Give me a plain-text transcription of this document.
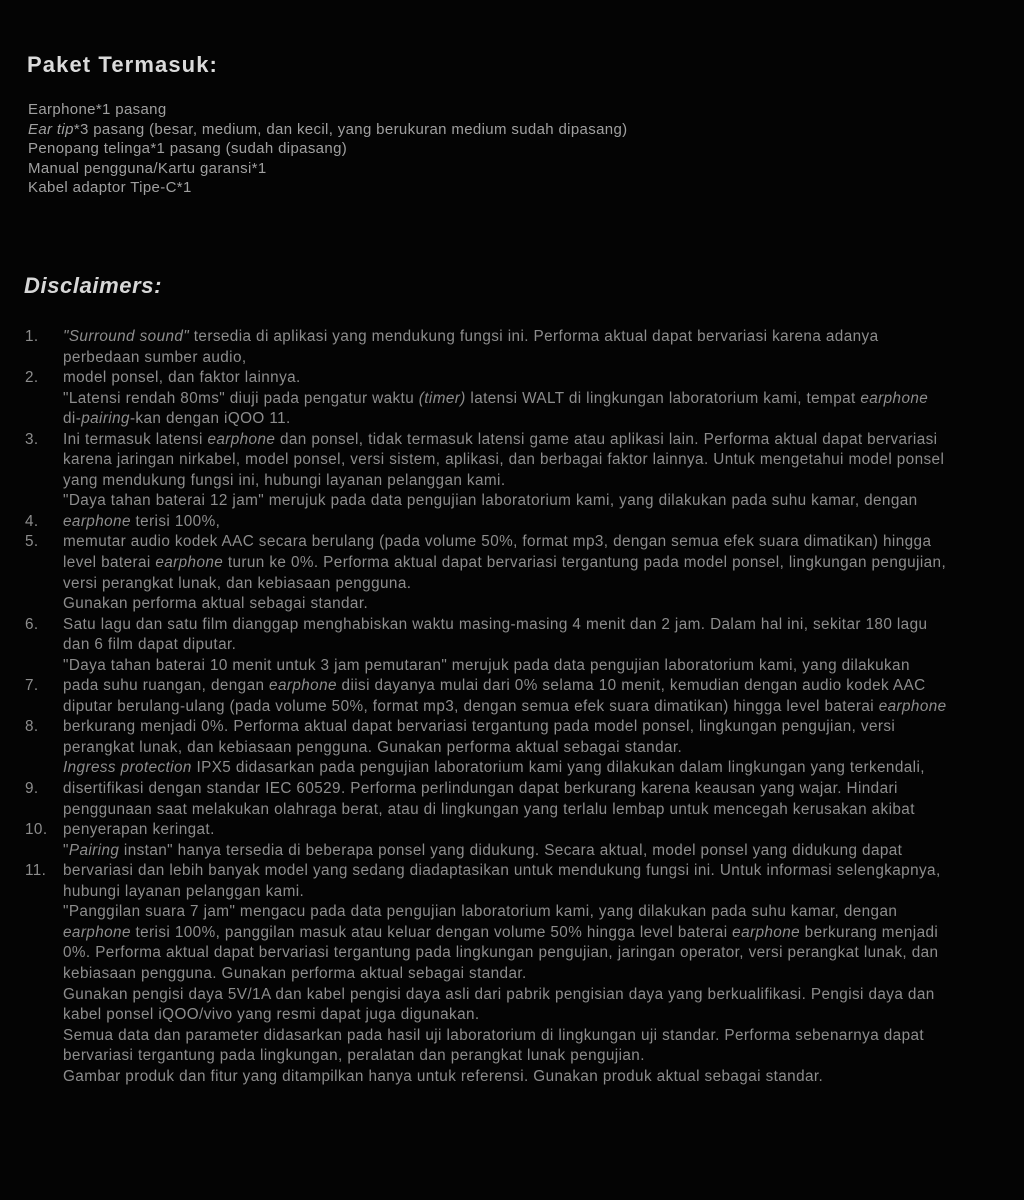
Paket Termasuk:
Earphone*1 pasang
Ear tip*3 pasang (besar, medium, dan kecil, yang berukuran medium sudah dipasang)
Penopang telinga*1 pasang (sudah dipasang)
Manual pengguna/Kartu garansi*1
Kabel adaptor Tipe-C*1
Disclaimers:
1. "Surround sound" tersedia di aplikasi yang mendukung fungsi ini. Performa aktual dapat bervariasi karena adanya
perbedaan sumber audio,
2. model ponsel, dan faktor lainnya.
"Latensi rendah 80ms" diuji pada pengatur waktu (timer) latensi WALT di lingkungan laboratorium kami, tempat earphone
di-pairing-kan dengan iQOO 11.
3. Ini termasuk latensi earphone dan ponsel, tidak termasuk latensi game atau aplikasi lain. Performa aktual dapat bervariasi
karena jaringan nirkabel, model ponsel, versi sistem, aplikasi, dan berbagai faktor lainnya. Untuk mengetahui model ponsel
yang mendukung fungsi ini, hubungi layanan pelanggan kami.
"Daya tahan baterai 12 jam" merujuk pada data pengujian laboratorium kami, yang dilakukan pada suhu kamar, dengan
4. earphone terisi 100%,
5. memutar audio kodek AAC secara berulang (pada volume 50%, format mp3, dengan semua efek suara dimatikan) hingga
level baterai earphone turun ke 0%. Performa aktual dapat bervariasi tergantung pada model ponsel, lingkungan pengujian,
versi perangkat lunak, dan kebiasaan pengguna.
Gunakan performa aktual sebagai standar.
6. Satu lagu dan satu film dianggap menghabiskan waktu masing-masing 4 menit dan 2 jam. Dalam hal ini, sekitar 180 lagu
dan 6 film dapat diputar.
"Daya tahan baterai 10 menit untuk 3 jam pemutaran" merujuk pada data pengujian laboratorium kami, yang dilakukan
7. pada suhu ruangan, dengan earphone diisi dayanya mulai dari 0% selama 10 menit, kemudian dengan audio kodek AAC
diputar berulang-ulang (pada volume 50%, format mp3, dengan semua efek suara dimatikan) hingga level baterai earphone
8. berkurang menjadi 0%. Performa aktual dapat bervariasi tergantung pada model ponsel, lingkungan pengujian, versi
perangkat lunak, dan kebiasaan pengguna. Gunakan performa aktual sebagai standar.
Ingress protection IPX5 didasarkan pada pengujian laboratorium kami yang dilakukan dalam lingkungan yang terkendali,
9. disertifikasi dengan standar IEC 60529. Performa perlindungan dapat berkurang karena keausan yang wajar. Hindari
penggunaan saat melakukan olahraga berat, atau di lingkungan yang terlalu lembap untuk mencegah kerusakan akibat
10. penyerapan keringat.
"Pairing instan" hanya tersedia di beberapa ponsel yang didukung. Secara aktual, model ponsel yang didukung dapat
11. bervariasi dan lebih banyak model yang sedang diadaptasikan untuk mendukung fungsi ini. Untuk informasi selengkapnya,
hubungi layanan pelanggan kami.
"Panggilan suara 7 jam" mengacu pada data pengujian laboratorium kami, yang dilakukan pada suhu kamar, dengan
earphone terisi 100%, panggilan masuk atau keluar dengan volume 50% hingga level baterai earphone berkurang menjadi
0%. Performa aktual dapat bervariasi tergantung pada lingkungan pengujian, jaringan operator, versi perangkat lunak, dan
kebiasaan pengguna. Gunakan performa aktual sebagai standar.
Gunakan pengisi daya 5V/1A dan kabel pengisi daya asli dari pabrik pengisian daya yang berkualifikasi. Pengisi daya dan
kabel ponsel iQOO/vivo yang resmi dapat juga digunakan.
Semua data dan parameter didasarkan pada hasil uji laboratorium di lingkungan uji standar. Performa sebenarnya dapat
bervariasi tergantung pada lingkungan, peralatan dan perangkat lunak pengujian.
Gambar produk dan fitur yang ditampilkan hanya untuk referensi. Gunakan produk aktual sebagai standar.
